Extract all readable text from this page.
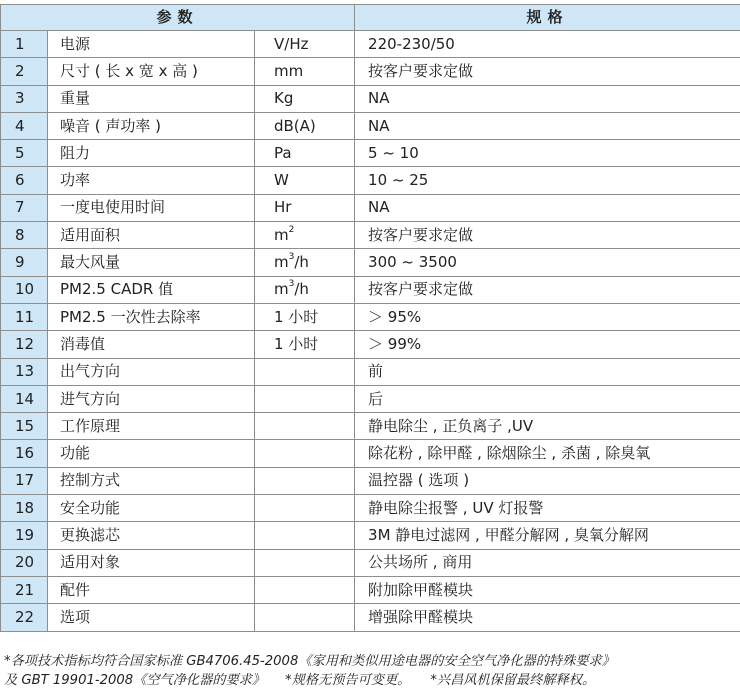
参数			规格
1	电源	V/Hz	220-230/50
2	尺寸 ( 长 x 宽 x 高 )	mm	按客户要求定做
3	重量	Kg	NA
4	噪音 ( 声功率 )	dB(A)	NA
5	阻力	Pa	5 ~ 10
6	功率	W	10 ~ 25
7	一度电使用时间	Hr	NA
8	适用面积	$m^2$	按客户要求定做
9	最大风量	$m^3/h$	300 ~ 3500
10	PM2.5 CADR 值	$m^3/h$	按客户要求定做
11	PM2.5 一次性去除率	1 小时	＞ 95%
12	消毒值	1 小时	＞ 99%
13	出气方向		前
14	进气方向		后
15	工作原理		静电除尘 , 正负离子 ,UV
16	功能		除花粉 , 除甲醛 , 除烟除尘 , 杀菌 , 除臭氧
17	控制方式		温控器 ( 选项 )
18	安全功能		静电除尘报警 , UV 灯报警
19	更换滤芯		3M 静电过滤网 , 甲醛分解网 , 臭氧分解网
20	适用对象		公共场所 , 商用
21	配件		附加除甲醛模块
22	选项		增强除甲醛模块
*各项技术指标均符合国家标准 GB4706.45-2008《家用和类似用途电器的安全空气净化器的特殊要求》
及 GBT 19901-2008《空气净化器的要求》 *规格无预告可变更。 *兴昌风机保留最终解释权。
